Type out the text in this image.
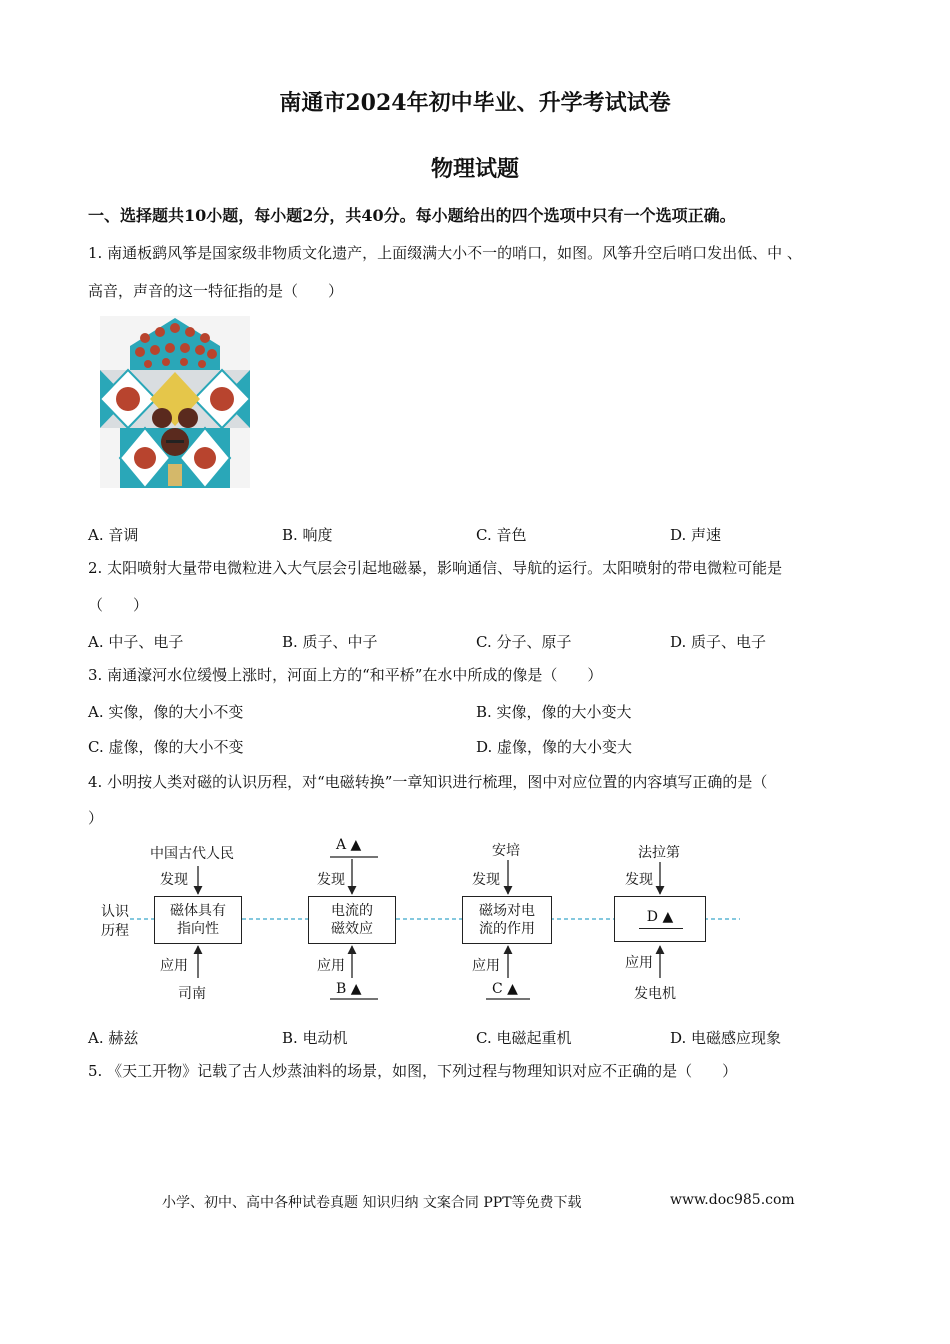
南通市2024年初中毕业、升学考试试卷
物理试题
一、选择题共10小题，每小题2分，共40分。每小题给出的四个选项中只有一个选项正确。
1. 南通板鹞风筝是国家级非物质文化遗产，上面缀满大小不一的哨口，如图。风筝升空后哨口发出低、中 、
高音，声音的这一特征指的是（　　）
A. 音调	B. 响度	C. 音色	D. 声速
2. 太阳喷射大量带电微粒进入大气层会引起地磁暴，影响通信、导航的运行。太阳喷射的带电微粒可能是
（　　）
A. 中子、电子	B. 质子、中子	C. 分子、原子	D. 质子、电子
3. 南通濠河水位缓慢上涨时，河面上方的“和平桥”在水中所成的像是（　　）
A. 实像，像的大小不变	B. 实像，像的大小变大
C. 虚像，像的大小不变	D. 虚像，像的大小变大
4. 小明按人类对磁的认识历程，对“电磁转换”一章知识进行梳理，图中对应位置的内容填写正确的是（
）
认识
历程
中国古代人民
发现
磁体具有
指向性
应用
司南
A ▲
发现
电流的
磁效应
应用
B ▲
安培
发现
磁场对电
流的作用
应用
C ▲
法拉第
发现
D ▲
应用
发电机
A. 赫兹	B. 电动机	C. 电磁起重机	D. 电磁感应现象
5. 《天工开物》记载了古人炒蒸油料的场景，如图，下列过程与物理知识对应不正确的是（　　）
小学、初中、高中各种试卷真题 知识归纳 文案合同 PPT等免费下载	www.doc985.com
